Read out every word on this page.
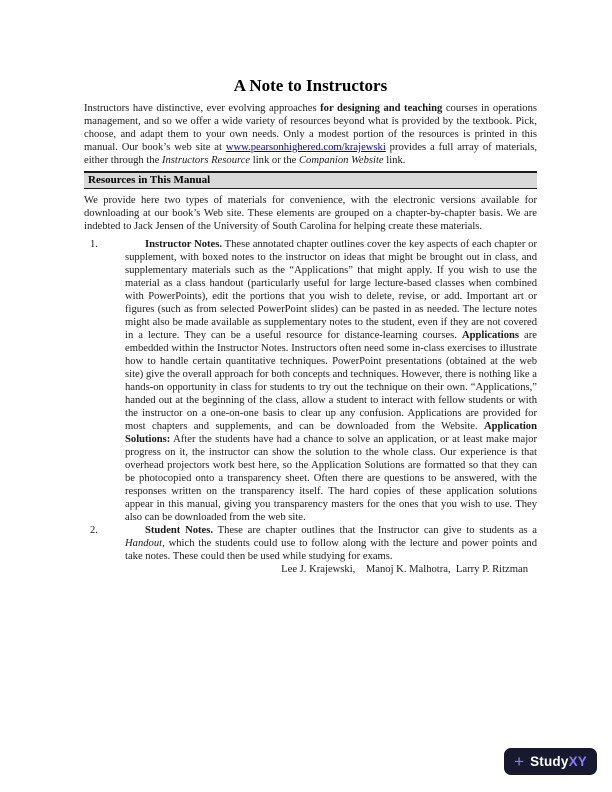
A Note to Instructors

Instructors have distinctive, ever evolving approaches for designing and teaching courses in operations management, and so we offer a wide variety of resources beyond what is provided by the textbook. Pick, choose, and adapt them to your own needs. Only a modest portion of the resources is printed in this manual. Our book’s web site at www.pearsonhighered.com/krajewski provides a full array of materials, either through the Instructors Resource link or the Companion Website link.

Resources in This Manual

We provide here two types of materials for convenience, with the electronic versions available for downloading at our book’s Web site. These elements are grouped on a chapter-by-chapter basis. We are indebted to Jack Jensen of the University of South Carolina for helping create these materials.

1.	Instructor Notes. These annotated chapter outlines cover the key aspects of each chapter or supplement, with boxed notes to the instructor on ideas that might be brought out in class, and supplementary materials such as the “Applications” that might apply. If you wish to use the material as a class handout (particularly useful for large lecture-based classes when combined with PowerPoints), edit the portions that you wish to delete, revise, or add. Important art or figures (such as from selected PowerPoint slides) can be pasted in as needed. The lecture notes might also be made available as supplementary notes to the student, even if they are not covered in a lecture. They can be a useful resource for distance-learning courses. Applications are embedded within the Instructor Notes. Instructors often need some in-class exercises to illustrate how to handle certain quantitative techniques. PowerPoint presentations (obtained at the web site) give the overall approach for both concepts and techniques. However, there is nothing like a hands-on opportunity in class for students to try out the technique on their own. “Applications,” handed out at the beginning of the class, allow a student to interact with fellow students or with the instructor on a one-on-one basis to clear up any confusion. Applications are provided for most chapters and supplements, and can be downloaded from the Website. Application Solutions: After the students have had a chance to solve an application, or at least make major progress on it, the instructor can show the solution to the whole class. Our experience is that overhead projectors work best here, so the Application Solutions are formatted so that they can be photocopied onto a transparency sheet. Often there are questions to be answered, with the responses written on the transparency itself. The hard copies of these application solutions appear in this manual, giving you transparency masters for the ones that you wish to use. They also can be downloaded from the web site.
2.	Student Notes. These are chapter outlines that the Instructor can give to students as a Handout, which the students could use to follow along with the lecture and power points and take notes. These could then be used while studying for exams.

Lee J. Krajewski,    Manoj K. Malhotra,  Larry P. Ritzman

+ Study XY
